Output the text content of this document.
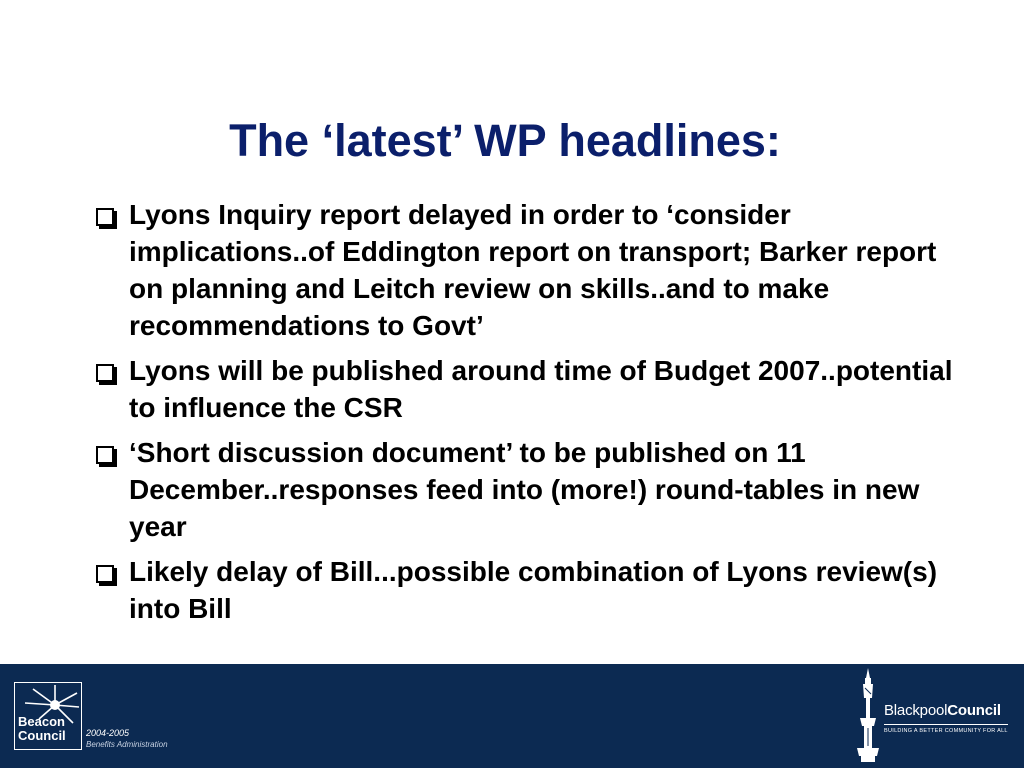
The ‘latest’ WP headlines:
Lyons Inquiry report delayed in order to ‘consider implications..of Eddington report on transport; Barker report on planning and Leitch review on skills..and to make recommendations to Govt’
Lyons will be published around time of Budget 2007..potential to influence the CSR
‘Short discussion document’ to be published on 11 December..responses feed into (more!) round-tables in new year
Likely delay of Bill...possible combination of Lyons review(s) into Bill
Beacon
Council 2004-2005
Benefits Administration
BlackpoolCouncil
BUILDING A BETTER COMMUNITY FOR ALL
